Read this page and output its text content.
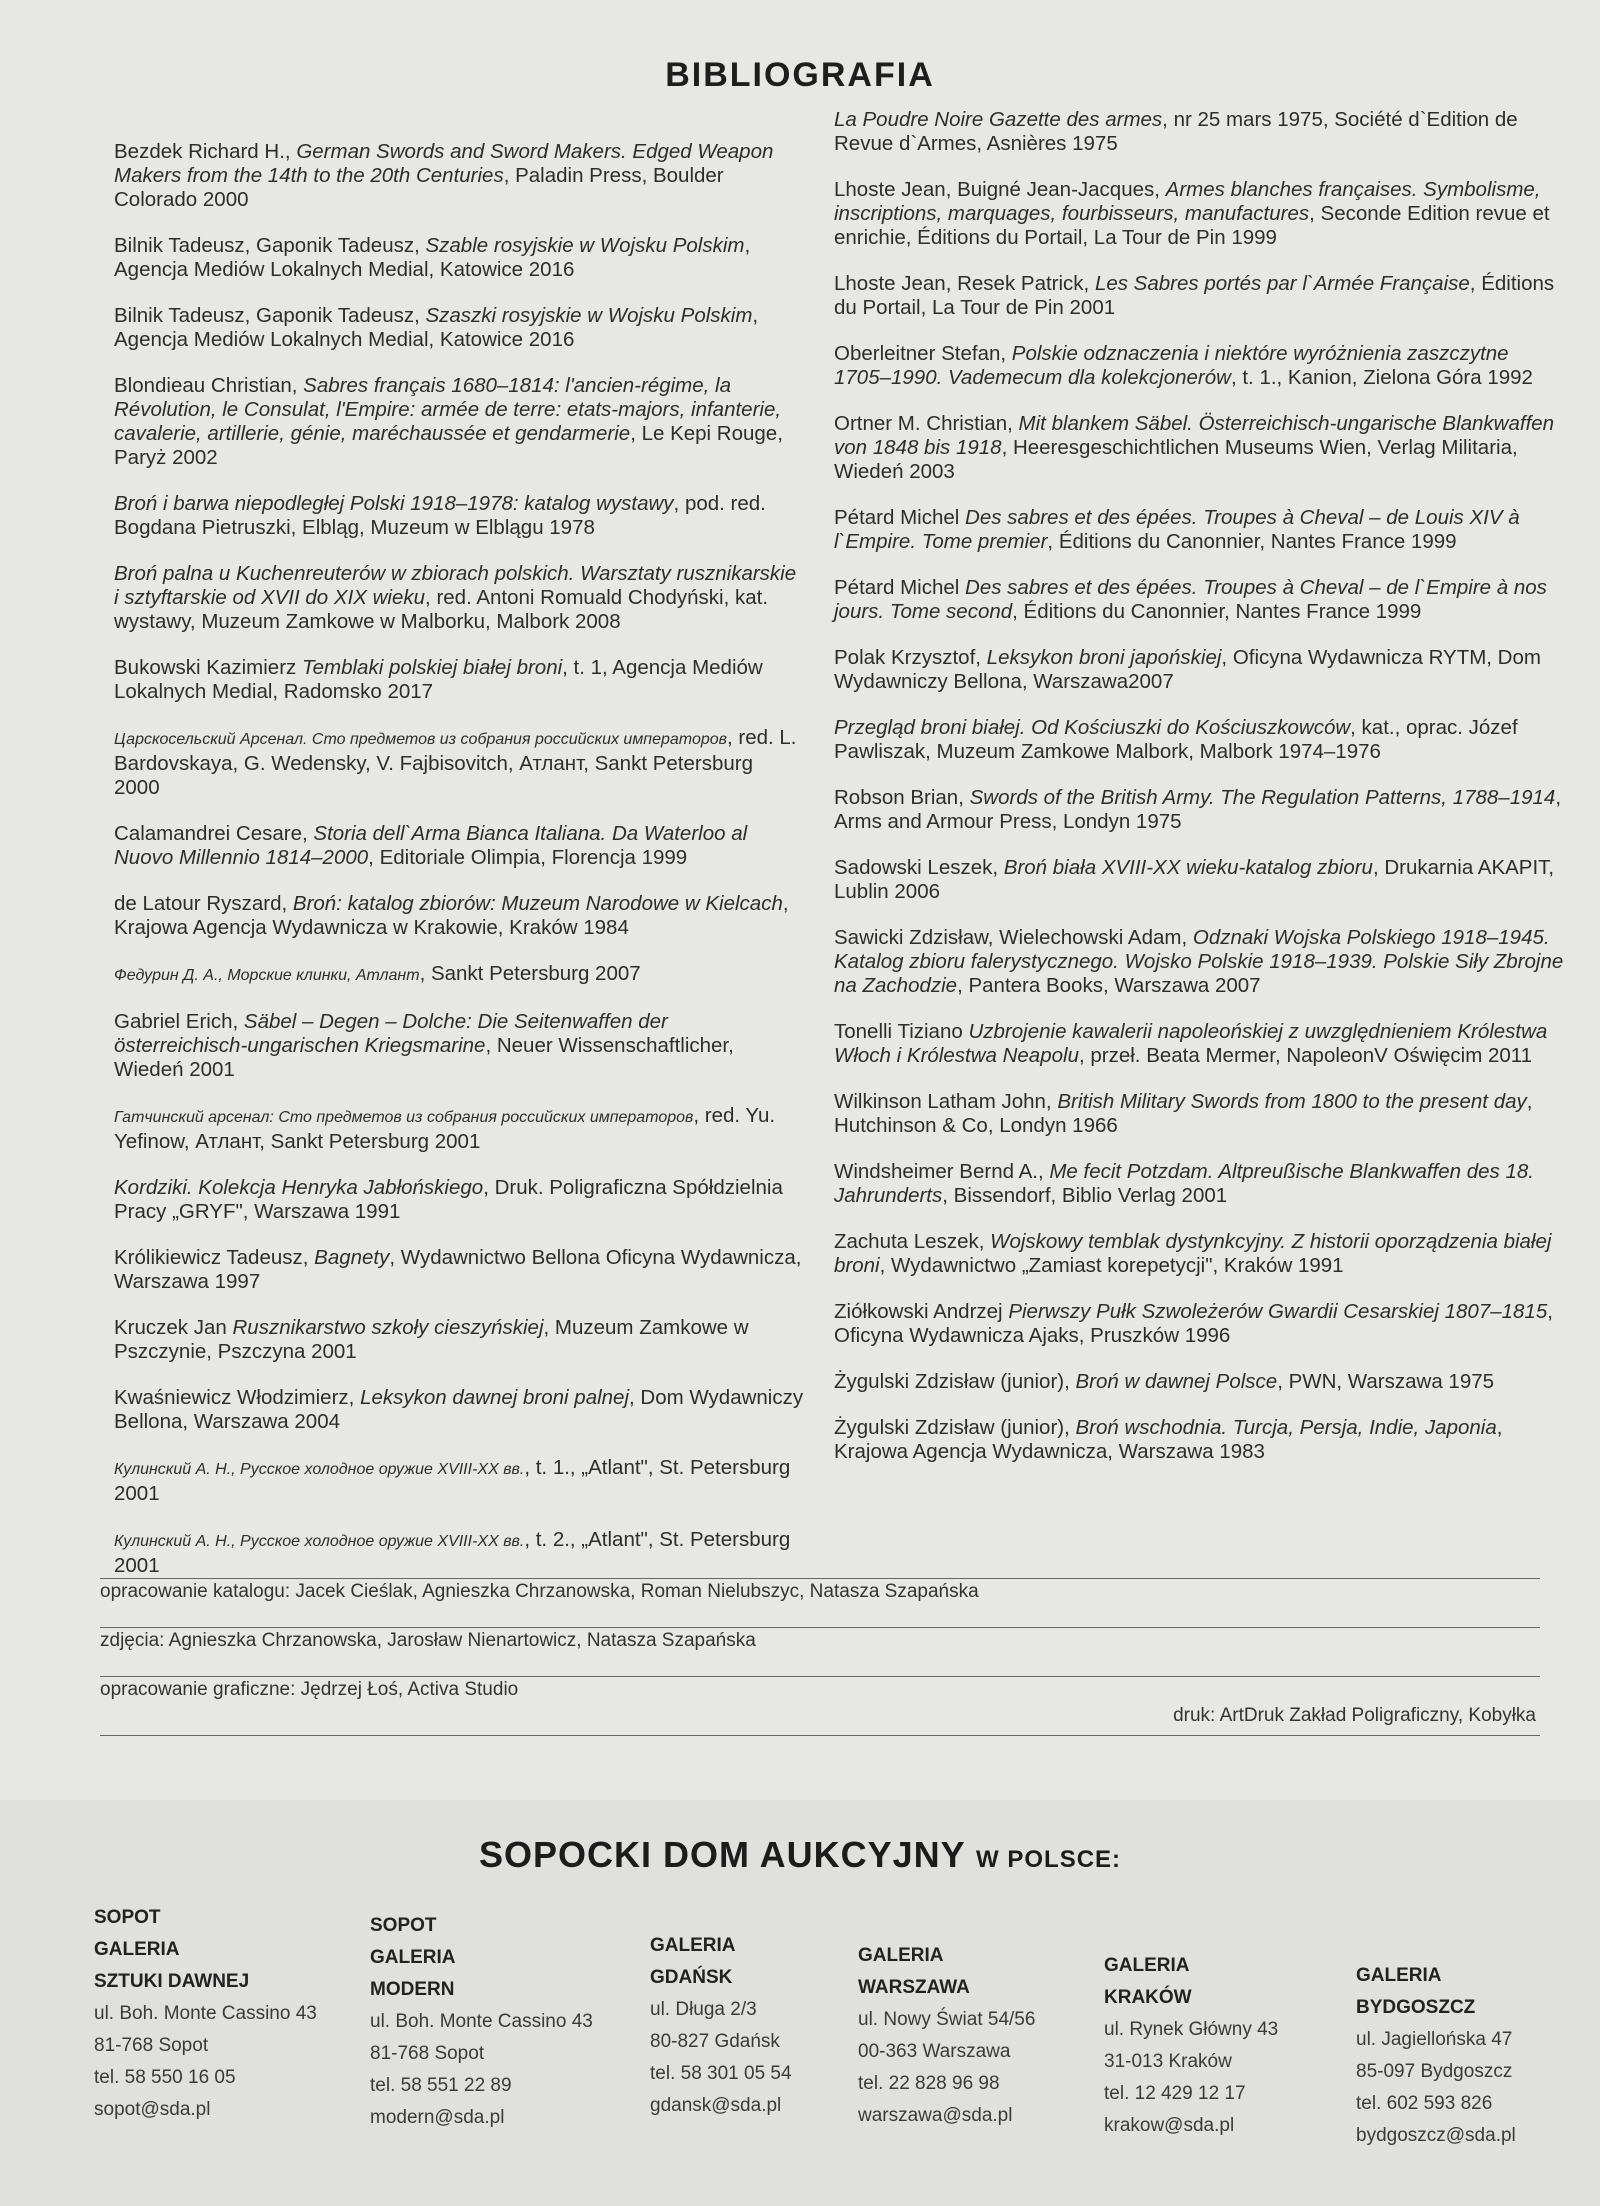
BIBLIOGRAFIA
Bezdek Richard H., German Swords and Sword Makers. Edged Weapon Makers from the 14th to the 20th Centuries, Paladin Press, Boulder Colorado 2000
Bilnik Tadeusz, Gaponik Tadeusz, Szable rosyjskie w Wojsku Polskim, Agencja Mediów Lokalnych Medial, Katowice 2016
Bilnik Tadeusz, Gaponik Tadeusz, Szaszki rosyjskie w Wojsku Polskim, Agencja Mediów Lokalnych Medial, Katowice 2016
Blondieau Christian, Sabres français 1680–1814: l'ancien-régime, la Révolution, le Consulat, l'Empire: armée de terre: etats-majors, infanterie, cavalerie, artillerie, génie, maréchaussée et gendarmerie, Le Kepi Rouge, Paryż 2002
Broń i barwa niepodległej Polski 1918–1978: katalog wystawy, pod. red. Bogdana Pietruszki, Elbląg, Muzeum w Elblągu 1978
Broń palna u Kuchenreuterów w zbiorach polskich. Warsztaty rusznikarskie i sztyftarskie od XVII do XIX wieku, red. Antoni Romuald Chodyński, kat. wystawy, Muzeum Zamkowe w Malborku, Malbork 2008
Bukowski Kazimierz Temblaki polskiej białej broni, t. 1, Agencja Mediów Lokalnych Medial, Radomsko 2017
Царскосельский Арсенал. Сто предметов из собрания российских императоров, red. L. Bardovskaya, G. Wedensky, V. Fajbisovitch, Атлант, Sankt Petersburg 2000
Calamandrei Cesare, Storia dell`Arma Bianca Italiana. Da Waterloo al Nuovo Millennio 1814–2000, Editoriale Olimpia, Florencja 1999
de Latour Ryszard, Broń: katalog zbiorów: Muzeum Narodowe w Kielcach, Krajowa Agencja Wydawnicza w Krakowie, Kraków 1984
Федурин Д. А., Морские клинки, Атлант, Sankt Petersburg 2007
Gabriel Erich, Säbel – Degen – Dolche: Die Seitenwaffen der österreichisch-ungarischen Kriegsmarine, Neuer Wissenschaftlicher, Wiedeń 2001
Гатчинский арсенал: Сто предметов из собрания российских императоров, red. Yu. Yefinow, Атлант, Sankt Petersburg 2001
Kordziki. Kolekcja Henryka Jabłońskiego, Druk. Poligraficzna Spółdzielnia Pracy „GRYF", Warszawa 1991
Królikiewicz Tadeusz, Bagnety, Wydawnictwo Bellona Oficyna Wydawnicza, Warszawa 1997
Kruczek Jan Rusznikarstwo szkoły cieszyńskiej, Muzeum Zamkowe w Pszczynie, Pszczyna 2001
Kwaśniewicz Włodzimierz, Leksykon dawnej broni palnej, Dom Wydawniczy Bellona, Warszawa 2004
Кулинский А. Н., Русское холодное оружие XVIII-XX вв., t. 1., „Atlant", St. Petersburg 2001
Кулинский А. Н., Русское холодное оружие XVIII-XX вв., t. 2., „Atlant", St. Petersburg 2001
La Poudre Noire Gazette des armes, nr 25 mars 1975, Société d`Edition de Revue d`Armes, Asnières 1975
Lhoste Jean, Buigné Jean-Jacques, Armes blanches françaises. Symbolisme, inscriptions, marquages, fourbisseurs, manufactures, Seconde Edition revue et enrichie, Éditions du Portail, La Tour de Pin 1999
Lhoste Jean, Resek Patrick, Les Sabres portés par l`Armée Française, Éditions du Portail, La Tour de Pin 2001
Oberleitner Stefan, Polskie odznaczenia i niektóre wyróżnienia zaszczytne 1705–1990. Vademecum dla kolekcjonerów, t. 1., Kanion, Zielona Góra 1992
Ortner M. Christian, Mit blankem Säbel. Österreichisch-ungarische Blankwaffen von 1848 bis 1918, Heeresgeschichtlichen Museums Wien, Verlag Militaria, Wiedeń 2003
Pétard Michel Des sabres et des épées. Troupes à Cheval – de Louis XIV à l`Empire. Tome premier, Éditions du Canonnier, Nantes France 1999
Pétard Michel Des sabres et des épées. Troupes à Cheval – de l`Empire à nos jours. Tome second, Éditions du Canonnier, Nantes France 1999
Polak Krzysztof, Leksykon broni japońskiej, Oficyna Wydawnicza RYTM, Dom Wydawniczy Bellona, Warszawa2007
Przegląd broni białej. Od Kościuszki do Kościuszkowców, kat., oprac. Józef Pawliszak, Muzeum Zamkowe Malbork, Malbork 1974–1976
Robson Brian, Swords of the British Army. The Regulation Patterns, 1788–1914, Arms and Armour Press, Londyn 1975
Sadowski Leszek, Broń biała XVIII-XX wieku-katalog zbioru, Drukarnia AKAPIT, Lublin 2006
Sawicki Zdzisław, Wielechowski Adam, Odznaki Wojska Polskiego 1918–1945. Katalog zbioru falerystycznego. Wojsko Polskie 1918–1939. Polskie Siły Zbrojne na Zachodzie, Pantera Books, Warszawa 2007
Tonelli Tiziano Uzbrojenie kawalerii napoleońskiej z uwzględnieniem Królestwa Włoch i Królestwa Neapolu, przeł. Beata Mermer, NapoleonV Oświęcim 2011
Wilkinson Latham John, British Military Swords from 1800 to the present day, Hutchinson & Co, Londyn 1966
Windsheimer Bernd A., Me fecit Potzdam. Altpreußische Blankwaffen des 18. Jahrunderts, Bissendorf, Biblio Verlag 2001
Zachuta Leszek, Wojskowy temblak dystynkcyjny. Z historii oporządzenia białej broni, Wydawnictwo „Zamiast korepetycji", Kraków 1991
Ziółkowski Andrzej Pierwszy Pułk Szwoleżerów Gwardii Cesarskiej 1807–1815, Oficyna Wydawnicza Ajaks, Pruszków 1996
Żygulski Zdzisław (junior), Broń w dawnej Polsce, PWN, Warszawa 1975
Żygulski Zdzisław (junior), Broń wschodnia. Turcja, Persja, Indie, Japonia, Krajowa Agencja Wydawnicza, Warszawa 1983
opracowanie katalogu: Jacek Cieślak, Agnieszka Chrzanowska, Roman Nielubszyc, Natasza Szapańska
zdjęcia: Agnieszka Chrzanowska, Jarosław Nienartowicz, Natasza Szapańska
opracowanie graficzne: Jędrzej Łoś, Activa Studio
druk: ArtDruk Zakład Poligraficzny, Kobyłka
SOPOCKI DOM AUKCYJNY W POLSCE:
SOPOT
GALERIA
SZTUKI DAWNEJ
ul. Boh. Monte Cassino 43
81-768 Sopot
tel. 58 550 16 05
sopot@sda.pl
SOPOT
GALERIA
MODERN
ul. Boh. Monte Cassino 43
81-768 Sopot
tel. 58 551 22 89
modern@sda.pl
GALERIA
GDAŃSK
ul. Długa 2/3
80-827 Gdańsk
tel. 58 301 05 54
gdansk@sda.pl
GALERIA
WARSZAWA
ul. Nowy Świat 54/56
00-363 Warszawa
tel. 22 828 96 98
warszawa@sda.pl
GALERIA
KRAKÓW
ul. Rynek Główny 43
31-013 Kraków
tel. 12 429 12 17
krakow@sda.pl
GALERIA
BYDGOSZCZ
ul. Jagiellońska 47
85-097 Bydgoszcz
tel. 602 593 826
bydgoszcz@sda.pl
